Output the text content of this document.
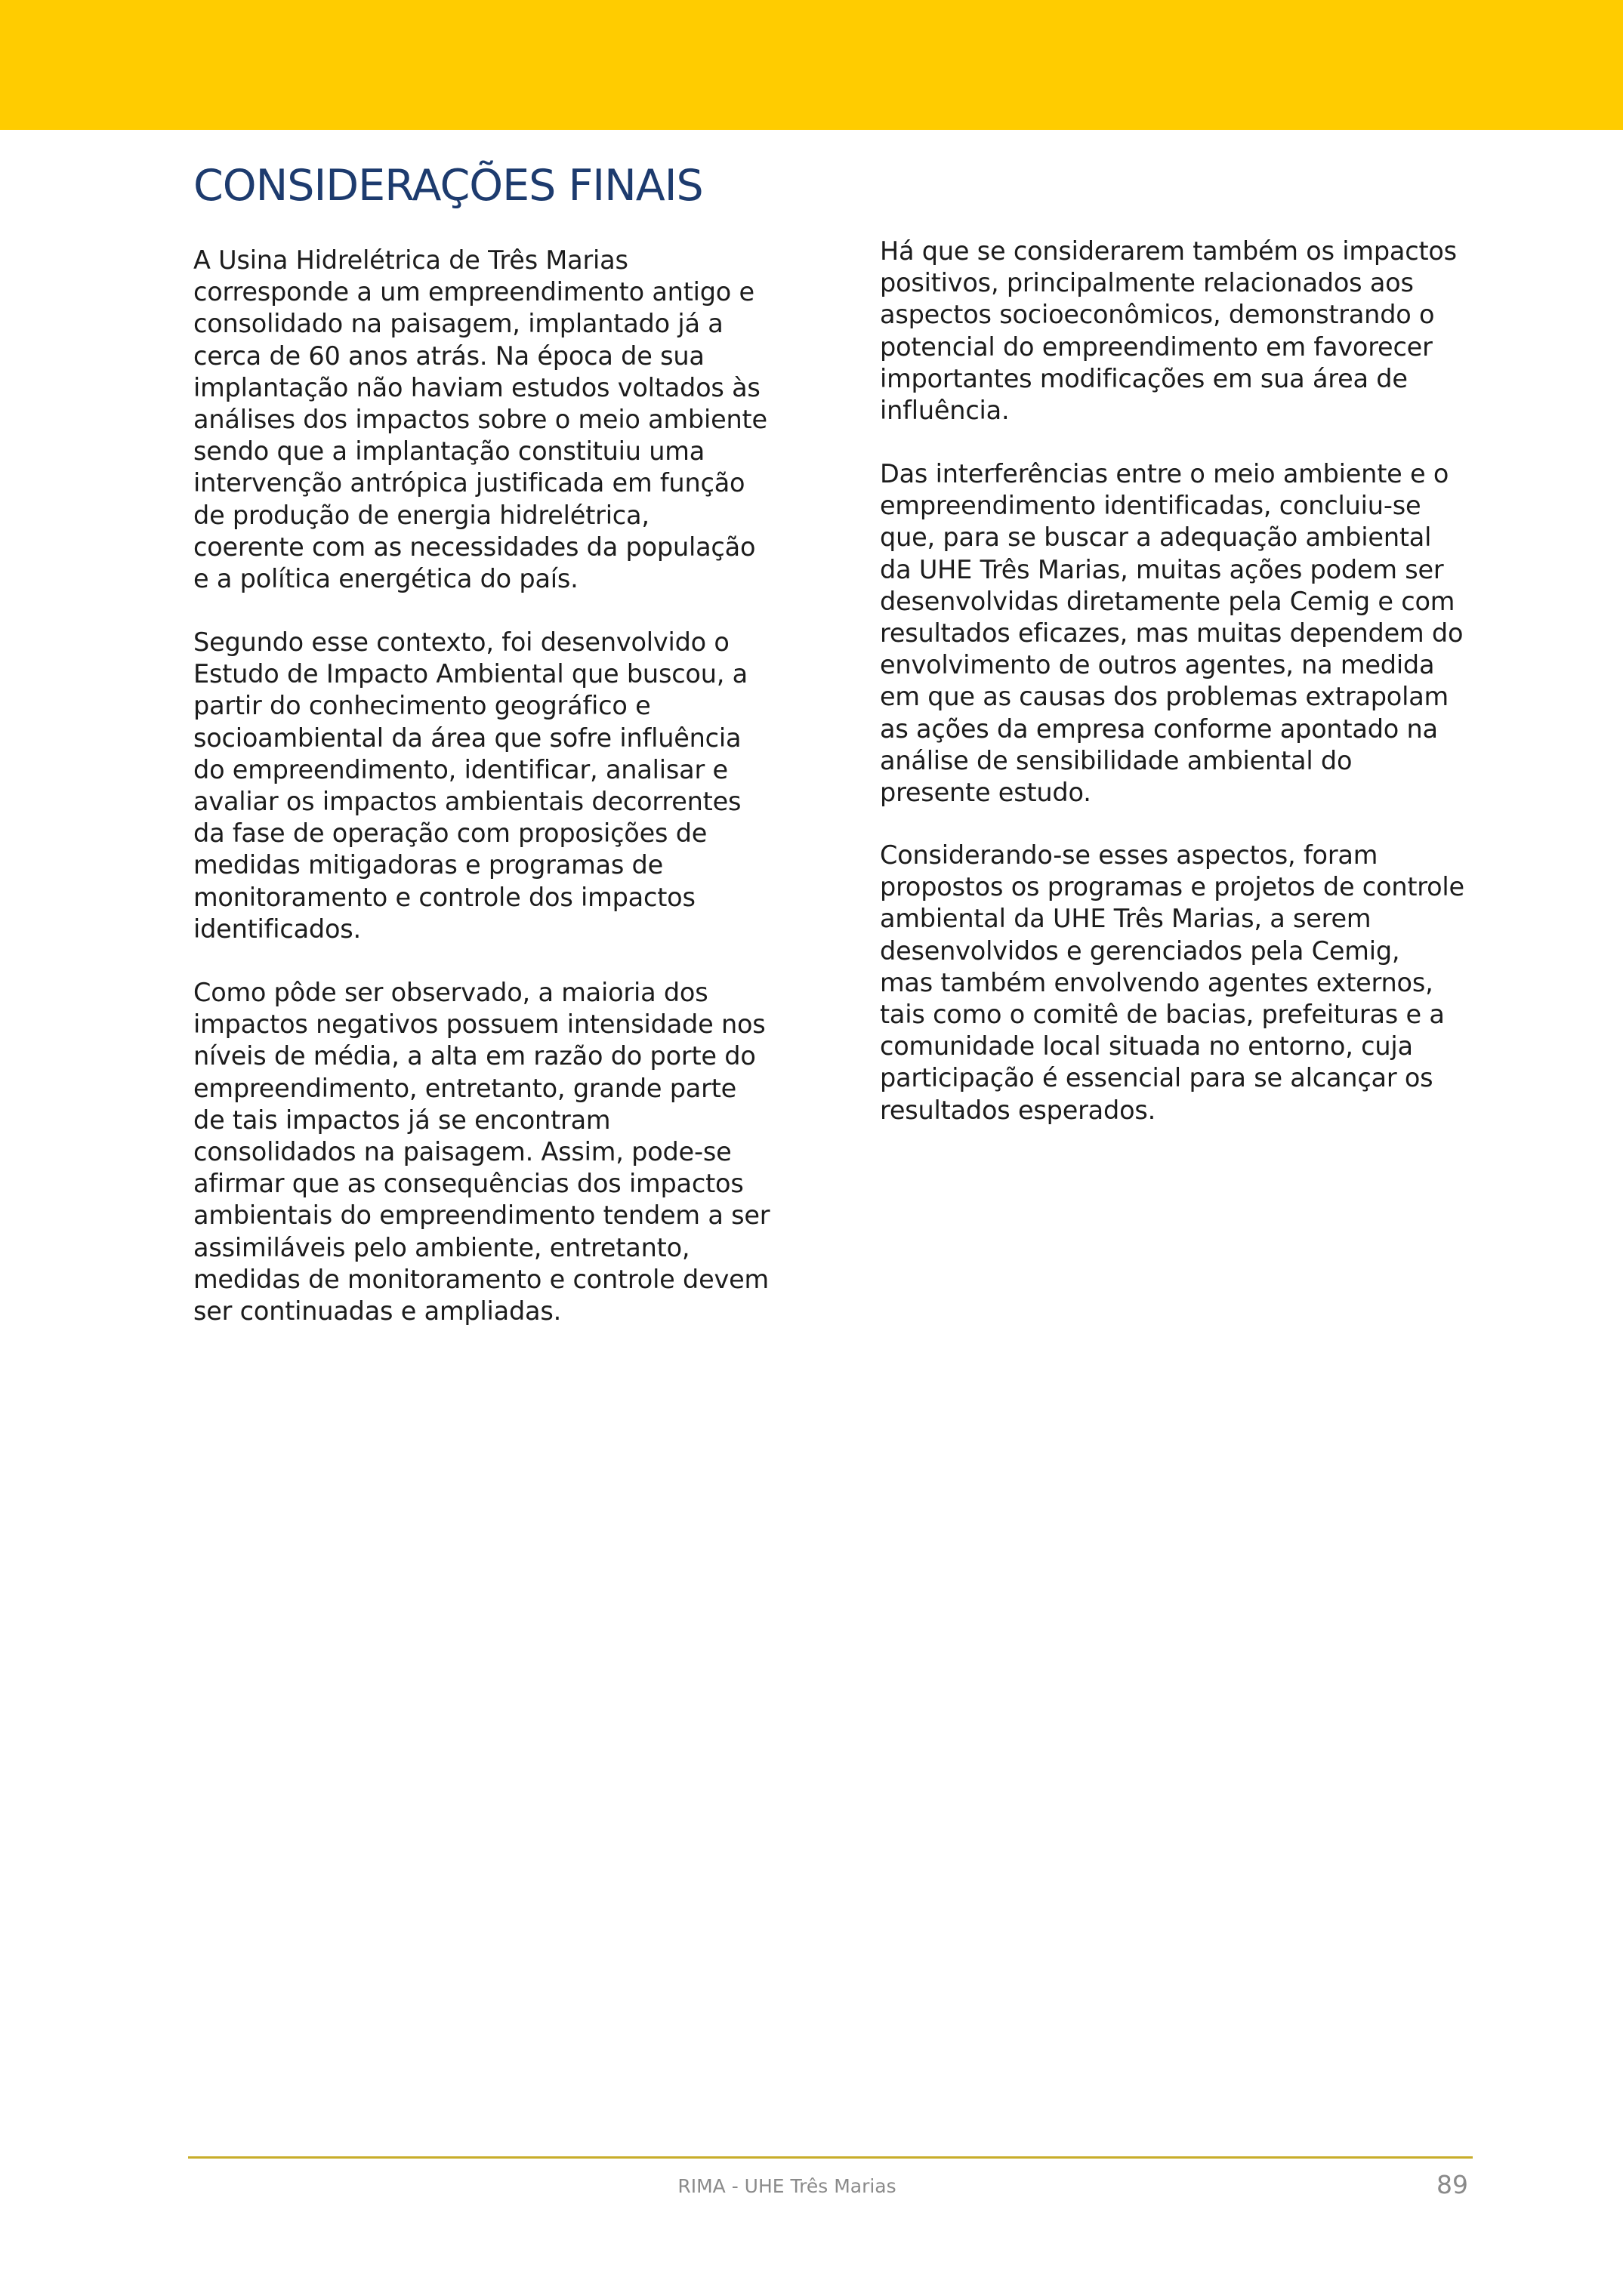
CONSIDERAÇÕES FINAIS

A Usina Hidrelétrica de Três Marias
corresponde a um empreendimento antigo e
consolidado na paisagem, implantado já a
cerca de 60 anos atrás. Na época de sua
implantação não haviam estudos voltados às
análises dos impactos sobre o meio ambiente
sendo que a implantação constituiu uma
intervenção antrópica justificada em função
de produção de energia hidrelétrica,
coerente com as necessidades da população
e a política energética do país.

Segundo esse contexto, foi desenvolvido o
Estudo de Impacto Ambiental que buscou, a
partir do conhecimento geográfico e
socioambiental da área que sofre influência
do empreendimento, identificar, analisar e
avaliar os impactos ambientais decorrentes
da fase de operação com proposições de
medidas mitigadoras e programas de
monitoramento e controle dos impactos
identificados.

Como pôde ser observado, a maioria dos
impactos negativos possuem intensidade nos
níveis de média, a alta em razão do porte do
empreendimento, entretanto, grande parte
de tais impactos já se encontram
consolidados na paisagem. Assim, pode-se
afirmar que as consequências dos impactos
ambientais do empreendimento tendem a ser
assimiláveis pelo ambiente, entretanto,
medidas de monitoramento e controle devem
ser continuadas e ampliadas.

Há que se considerarem também os impactos
positivos, principalmente relacionados aos
aspectos socioeconômicos, demonstrando o
potencial do empreendimento em favorecer
importantes modificações em sua área de
influência.

Das interferências entre o meio ambiente e o
empreendimento identificadas, concluiu-se
que, para se buscar a adequação ambiental
da UHE Três Marias, muitas ações podem ser
desenvolvidas diretamente pela Cemig e com
resultados eficazes, mas muitas dependem do
envolvimento de outros agentes, na medida
em que as causas dos problemas extrapolam
as ações da empresa conforme apontado na
análise de sensibilidade ambiental do
presente estudo.

Considerando-se esses aspectos, foram
propostos os programas e projetos de controle
ambiental da UHE Três Marias, a serem
desenvolvidos e gerenciados pela Cemig,
mas também envolvendo agentes externos,
tais como o comitê de bacias, prefeituras e a
comunidade local situada no entorno, cuja
participação é essencial para se alcançar os
resultados esperados.

RIMA - UHE Três Marias	89
